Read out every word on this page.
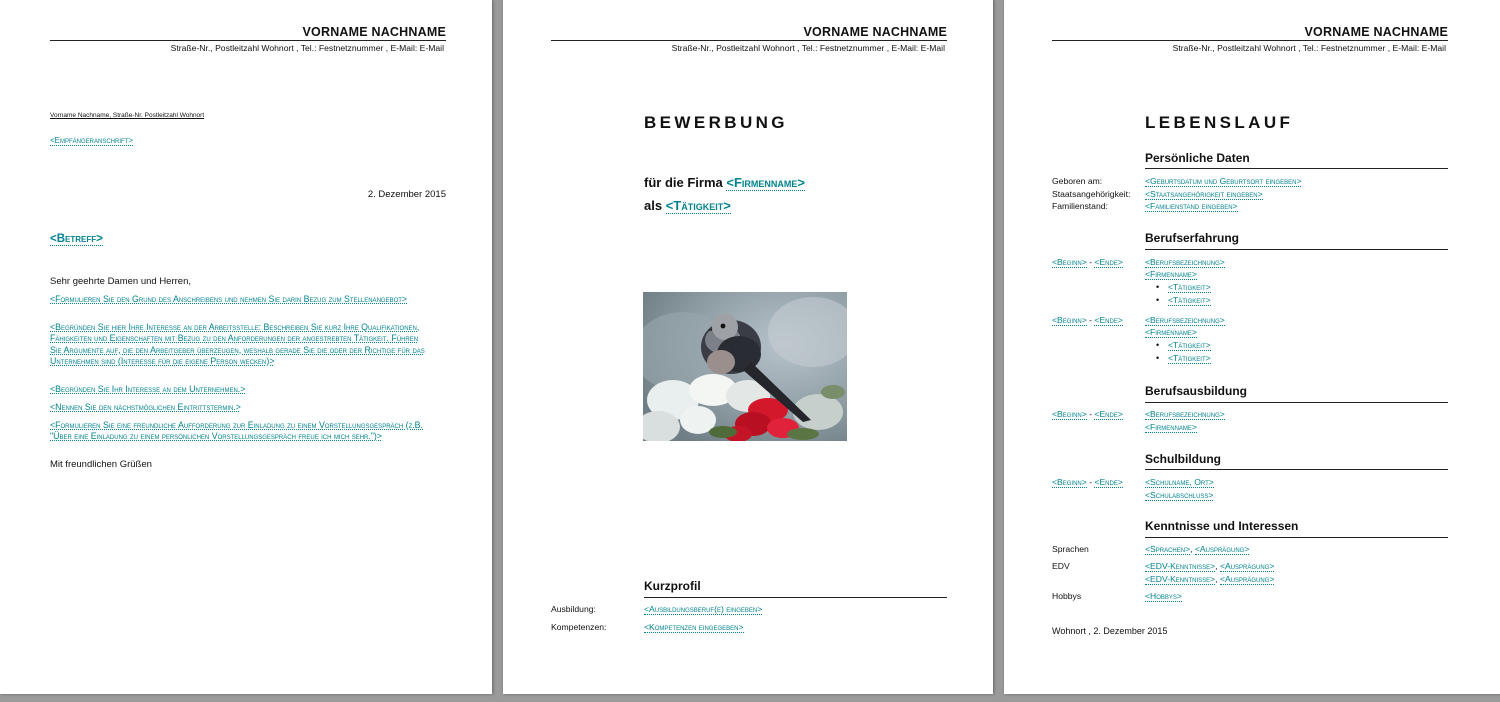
VORNAME NACHNAME
Straße-Nr., Postleitzahl Wohnort , Tel.: Festnetznummer , E-Mail: E-Mail
Vorname Nachname, Straße-Nr. Postleitzahl Wohnort
<Empfängeranschrift>
2. Dezember 2015
<Betreff>
Sehr geehrte Damen und Herren,
<Formulieren Sie den Grund des Anschreibens und nehmen Sie darin Bezug zum Stellenangebot>
<Begründen Sie hier Ihre Interesse an der Arbeitsstelle: Beschreiben Sie kurz Ihre Qualifikationen, Fähigkeiten und Eigenschaften mit Bezug zu den Anforderungen der angestrebten Tätigkeit. Führen Sie Argumente auf, die den Arbeitgeber überzeugen, weshalb gerade Sie die oder der Richtige für das Unternehmen sind (Interesse für die eigene Person wecken)>
<Begründen Sie Ihr Interesse an dem Unternehmen.>
<Nennen Sie den nächstmöglichen Eintrittstermin.>
<Formulieren Sie eine freundliche Aufforderung zur Einladung zu einem Vorstellungsgespräch (z.B. "Über eine Einladung zu einem persönlichen Vorstellungsgespräch freue ich mich sehr.")>
Mit freundlichen Grüßen
VORNAME NACHNAME
Straße-Nr., Postleitzahl Wohnort , Tel.: Festnetznummer , E-Mail: E-Mail
BEWERBUNG
für die Firma <Firmenname>
als <Tätigkeit>
Kurzprofil
Ausbildung:	<Ausbildungsberuf(e) eingeben>
Kompetenzen:	<Kompetenzen eingegeben>
VORNAME NACHNAME
Straße-Nr., Postleitzahl Wohnort , Tel.: Festnetznummer , E-Mail: E-Mail
LEBENSLAUF
Persönliche Daten
Geboren am:	<Geburtsdatum und Geburtsort eingeben>
Staatsangehörigkeit: <Staatsangehörigkeit eingeben>
Familienstand:	<Familienstand eingeben>
Berufserfahrung
<Beginn> - <Ende>	<Berufsbezeichnung>
<Firmenname>
• <Tätigkeit>
• <Tätigkeit>
<Beginn> - <Ende>	<Berufsbezeichnung>
<Firmenname>
• <Tätigkeit>
• <Tätigkeit>
Berufsausbildung
<Beginn> - <Ende>	<Berufsbezeichnung>
<Firmenname>
Schulbildung
<Beginn> - <Ende>	<Schulname, Ort>
<Schulabschluss>
Kenntnisse und Interessen
Sprachen	<Sprachen>, <Ausprägung>
EDV	<EDV-Kenntnisse>, <Ausprägung>
<EDV-Kenntnisse>, <Ausprägung>
Hobbys	<Hobbys>
Wohnort , 2. Dezember 2015
